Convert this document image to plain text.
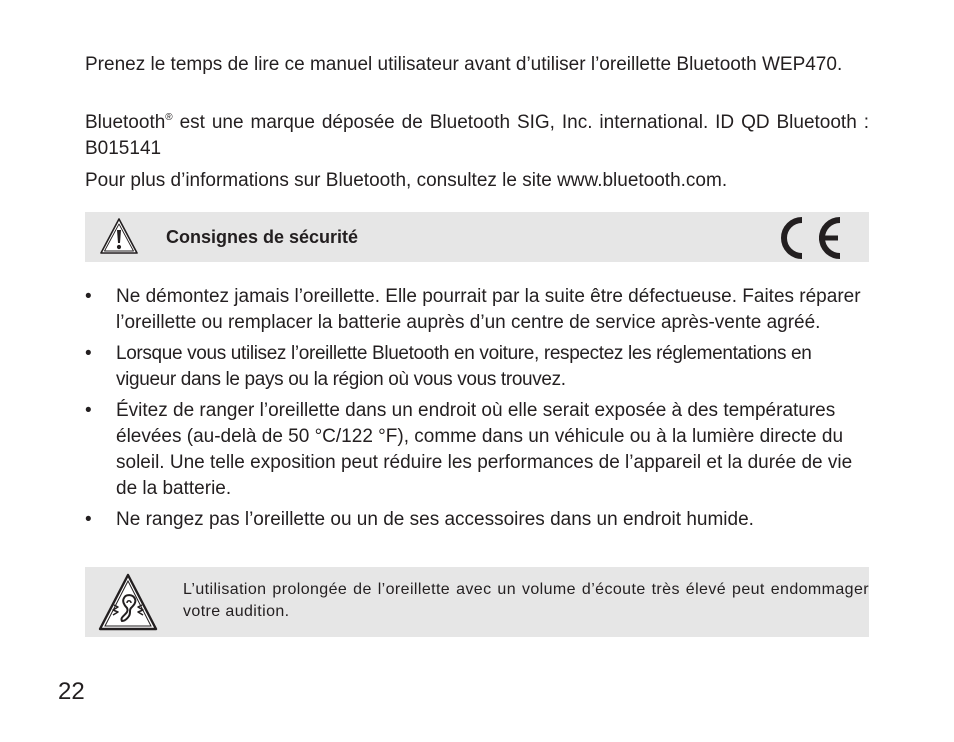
Prenez le temps de lire ce manuel utilisateur avant d’utiliser l’oreillette Bluetooth WEP470.

Bluetooth® est une marque déposée de Bluetooth SIG, Inc. international. ID QD Bluetooth : B015141

Pour plus d’informations sur Bluetooth, consultez le site www.bluetooth.com.

Consignes de sécurité
• Ne démontez jamais l’oreillette. Elle pourrait par la suite être défectueuse. Faites réparer l’oreillette ou remplacer la batterie auprès d’un centre de service après-vente agréé.
• Lorsque vous utilisez l’oreillette Bluetooth en voiture, respectez les réglementations en vigueur dans le pays ou la région où vous vous trouvez.
• Évitez de ranger l’oreillette dans un endroit où elle serait exposée à des températures élevées (au-delà de 50 °C/122 °F), comme dans un véhicule ou à la lumière directe du soleil. Une telle exposition peut réduire les performances de l’appareil et la durée de vie de la batterie.
• Ne rangez pas l’oreillette ou un de ses accessoires dans un endroit humide.
L’utilisation prolongée de l’oreillette avec un volume d’écoute très élevé peut endommager votre audition.
22
